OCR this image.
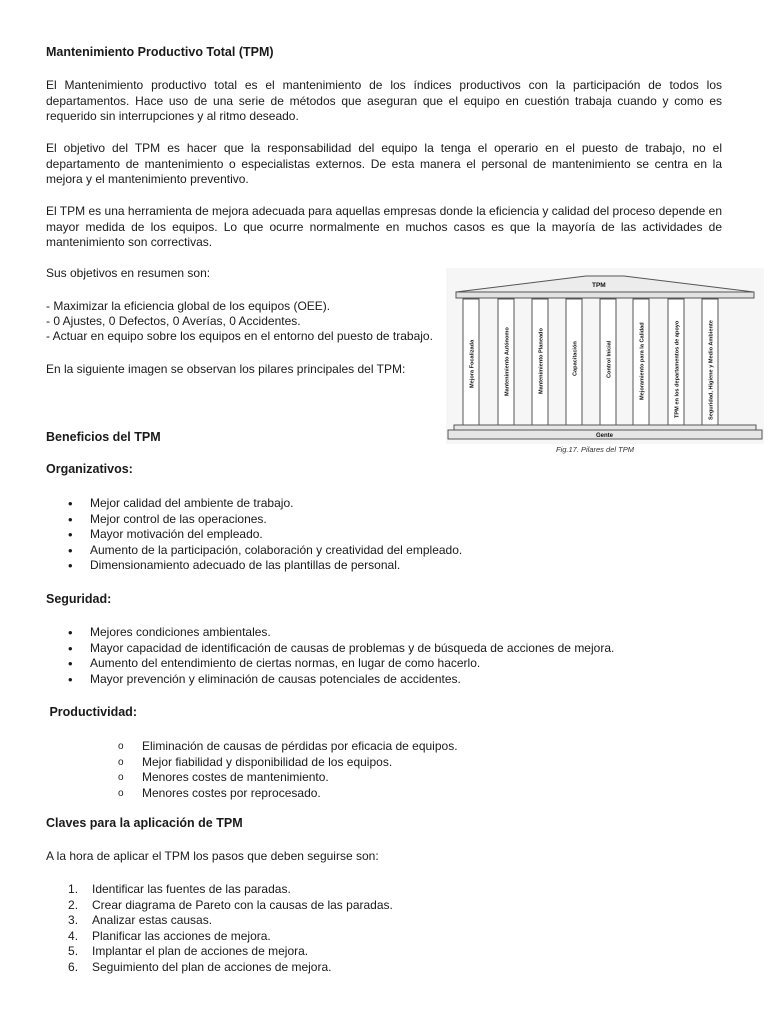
Mantenimiento Productivo Total (TPM)

El Mantenimiento productivo total es el mantenimiento de los índices productivos con la participación de todos los departamentos. Hace uso de una serie de métodos que aseguran que el equipo en cuestión trabaja cuando y como es requerido sin interrupciones y al ritmo deseado.

El objetivo del TPM es hacer que la responsabilidad del equipo la tenga el operario en el puesto de trabajo, no el departamento de mantenimiento o especialistas externos. De esta manera el personal de mantenimiento se centra en la mejora y el mantenimiento preventivo.

El TPM es una herramienta de mejora adecuada para aquellas empresas donde la eficiencia y calidad del proceso depende en mayor medida de los equipos. Lo que ocurre normalmente en muchos casos es que la mayoría de las actividades de mantenimiento son correctivas.

Sus objetivos en resumen son:

- Maximizar la eficiencia global de los equipos (OEE).

- 0 Ajustes, 0 Defectos, 0 Averías, 0 Accidentes.

- Actuar en equipo sobre los equipos en el entorno del puesto de trabajo.

En la siguiente imagen se observan los pilares principales del TPM:

TPM
Mejora Focalizada	Mantenimiento Autónomo	Mantenimiento Planeado	Capacitación	Control Inicial	Mejoramiento para la Calidad	TPM en los departamentos de apoyo	Seguridad, Higiene y Medio Ambiente
Gente
Fig.17. Pilares del TPM
Beneficios del TPM
Organizativos:
• Mejor calidad del ambiente de trabajo.
• Mejor control de las operaciones.
• Mayor motivación del empleado.
• Aumento de la participación, colaboración y creatividad del empleado.
• Dimensionamiento adecuado de las plantillas de personal.
Seguridad:
• Mejores condiciones ambientales.
• Mayor capacidad de identificación de causas de problemas y de búsqueda de acciones de mejora.
• Aumento del entendimiento de ciertas normas, en lugar de como hacerlo.
• Mayor prevención y eliminación de causas potenciales de accidentes.
Productividad:
o Eliminación de causas de pérdidas por eficacia de equipos.
o Mejor fiabilidad y disponibilidad de los equipos.
o Menores costes de mantenimiento.
o Menores costes por reprocesado.
Claves para la aplicación de TPM

A la hora de aplicar el TPM los pasos que deben seguirse son:

Identificar las fuentes de las paradas.
Crear diagrama de Pareto con la causas de las paradas.
Analizar estas causas.
Planificar las acciones de mejora.
Implantar el plan de acciones de mejora.
Seguimiento del plan de acciones de mejora.
